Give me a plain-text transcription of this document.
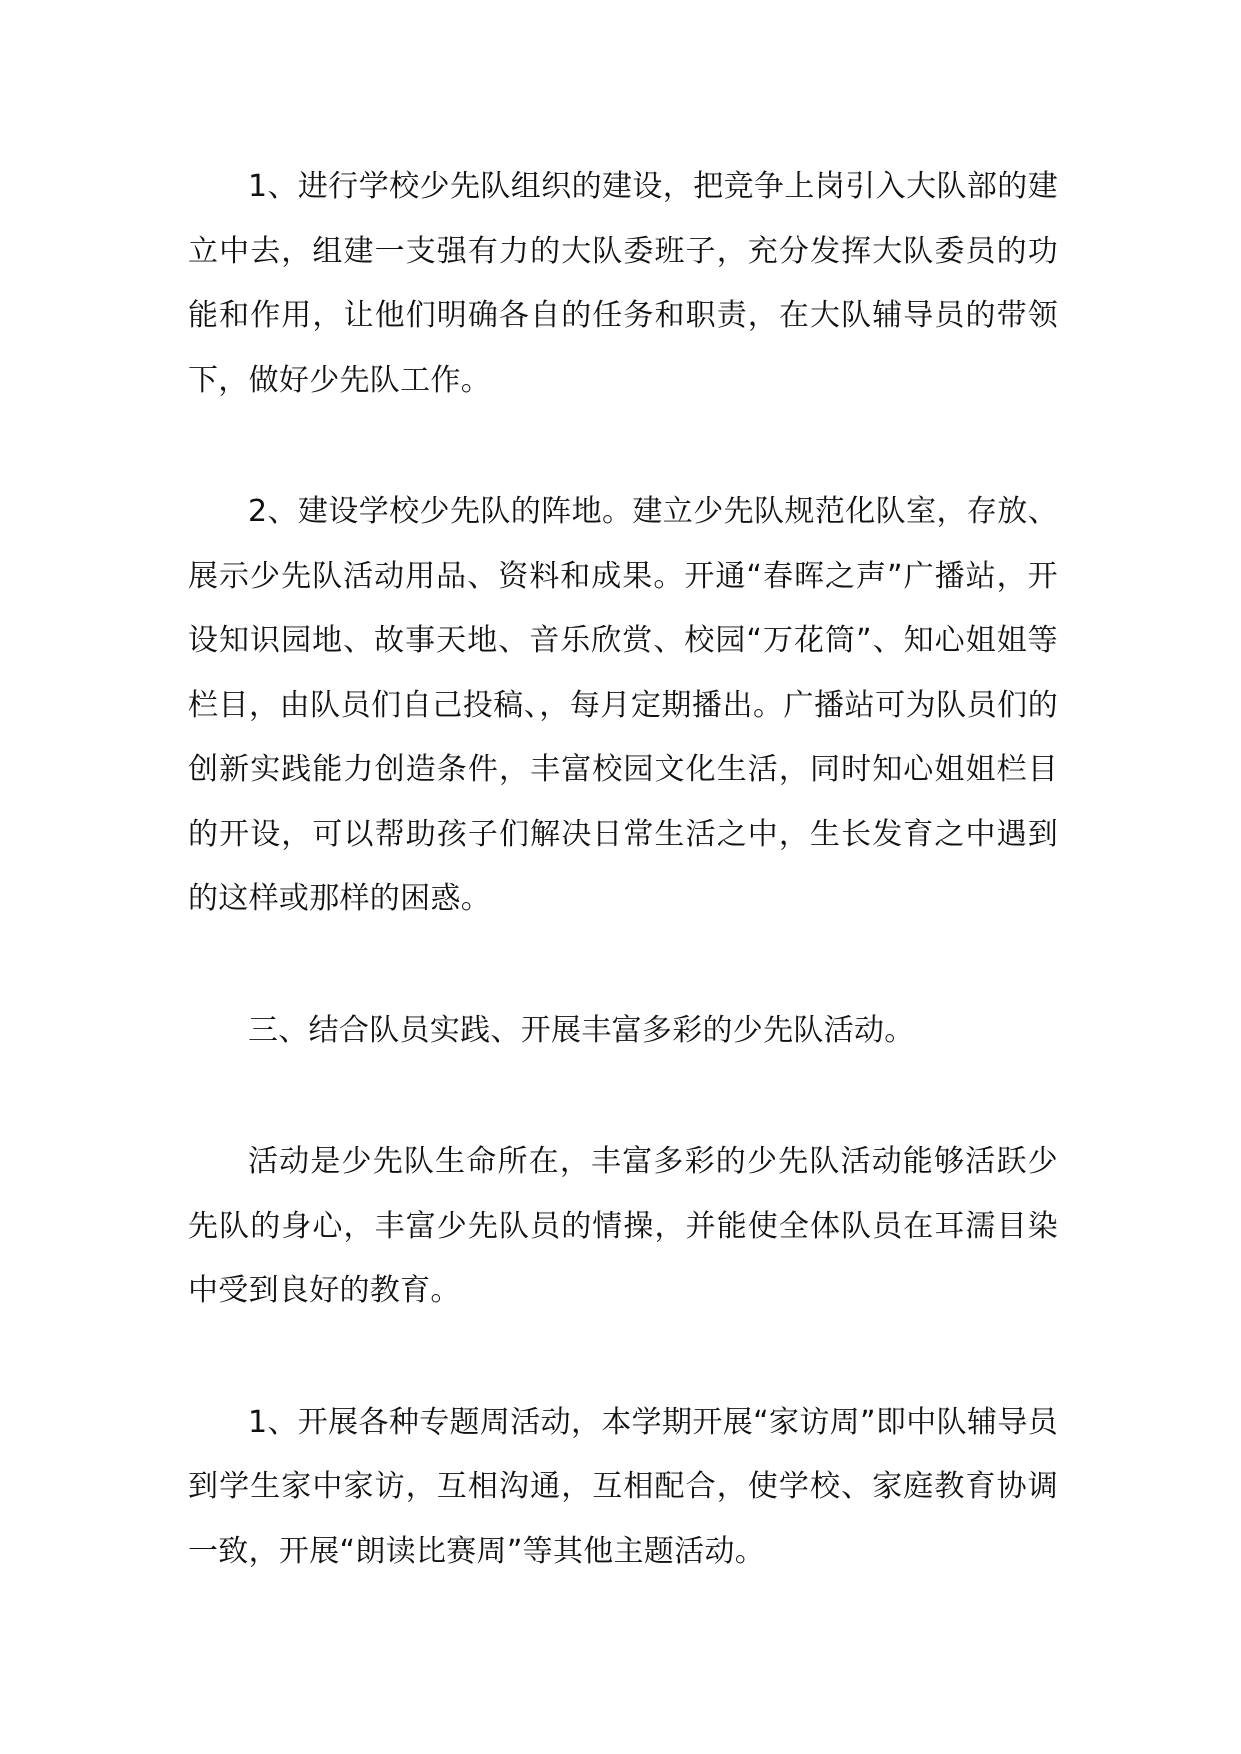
1、进行学校少先队组织的建设，把竞争上岗引入大队部的建立中去，组建一支强有力的大队委班子，充分发挥大队委员的功能和作用，让他们明确各自的任务和职责，在大队辅导员的带领下，做好少先队工作。

2、建设学校少先队的阵地。建立少先队规范化队室，存放、展示少先队活动用品、资料和成果。开通“春晖之声”广播站，开设知识园地、故事天地、音乐欣赏、校园“万花筒”、知心姐姐等栏目，由队员们自己投稿、，每月定期播出。广播站可为队员们的创新实践能力创造条件，丰富校园文化生活，同时知心姐姐栏目的开设，可以帮助孩子们解决日常生活之中，生长发育之中遇到的这样或那样的困惑。

三、结合队员实践、开展丰富多彩的少先队活动。

活动是少先队生命所在，丰富多彩的少先队活动能够活跃少先队的身心，丰富少先队员的情操，并能使全体队员在耳濡目染中受到良好的教育。

1、开展各种专题周活动，本学期开展“家访周”即中队辅导员到学生家中家访，互相沟通，互相配合，使学校、家庭教育协调一致，开展“朗读比赛周”等其他主题活动。
